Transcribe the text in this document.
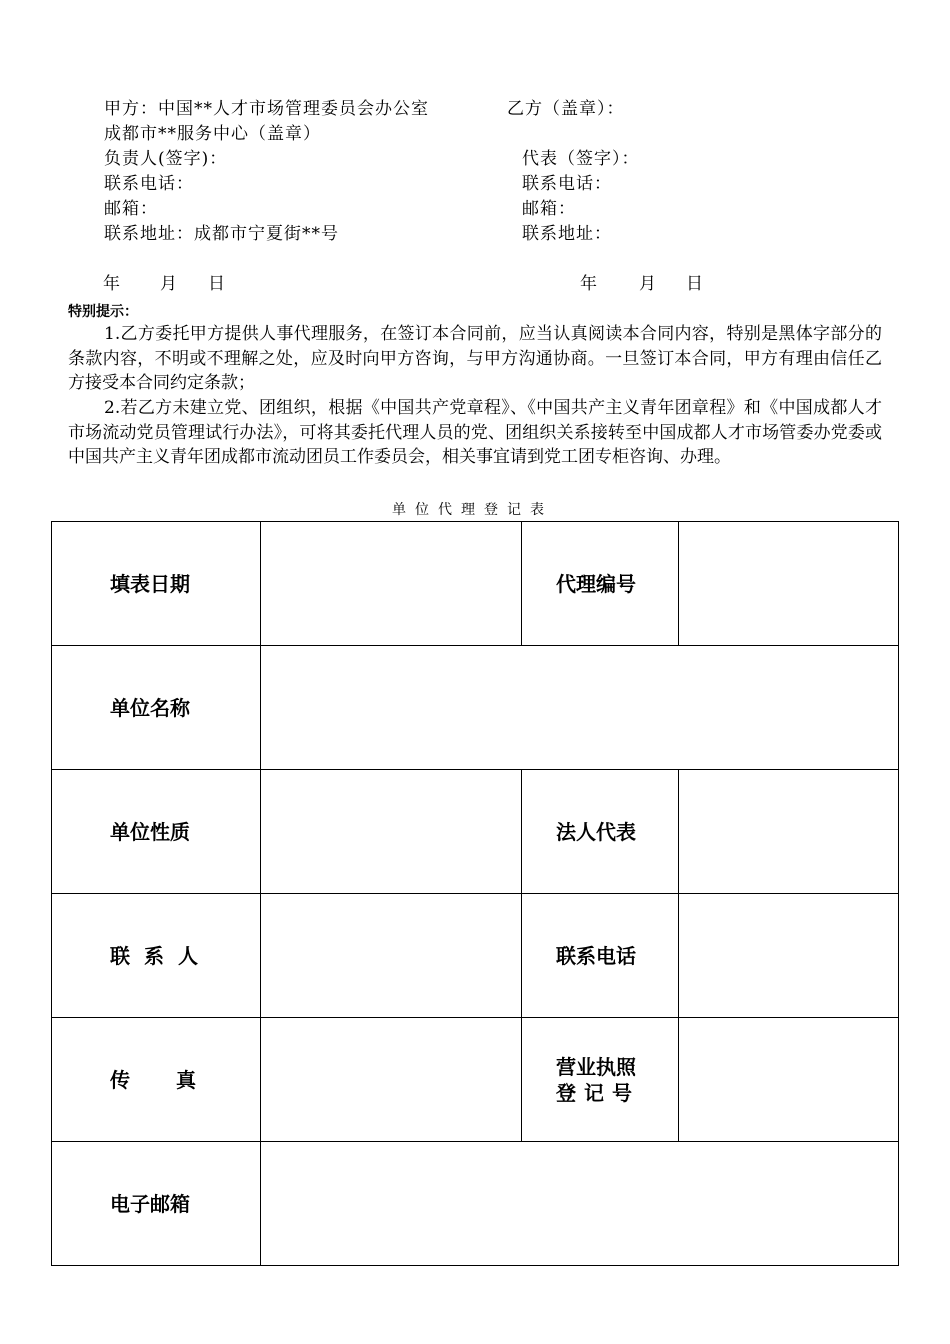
甲方：中国**人才市场管理委员会办公室	乙方（盖章）：
成都市**服务中心（盖章）
负责人(签字)：	代表（签字）：
联系电话：	联系电话：
邮箱：	邮箱：
联系地址：成都市宁夏街**号	联系地址：
年 月 日	年 月 日
特别提示：
1.乙方委托甲方提供人事代理服务，在签订本合同前，应当认真阅读本合同内容，特别是黑体字部分的条款内容，不明或不理解之处，应及时向甲方咨询，与甲方沟通协商。一旦签订本合同，甲方有理由信任乙方接受本合同约定条款；
2.若乙方未建立党、团组织，根据《中国共产党章程》、《中国共产主义青年团章程》和《中国成都人才市场流动党员管理试行办法》，可将其委托代理人员的党、团组织关系接转至中国成都人才市场管委办党委或中国共产主义青年团成都市流动团员工作委员会，相关事宜请到党工团专柜咨询、办理。
单位代理登记表
填表日期		代理编号	
单位名称			
单位性质		法人代表	
联系人		联系电话	
传真		营业执照
登记号	

电子邮箱			
